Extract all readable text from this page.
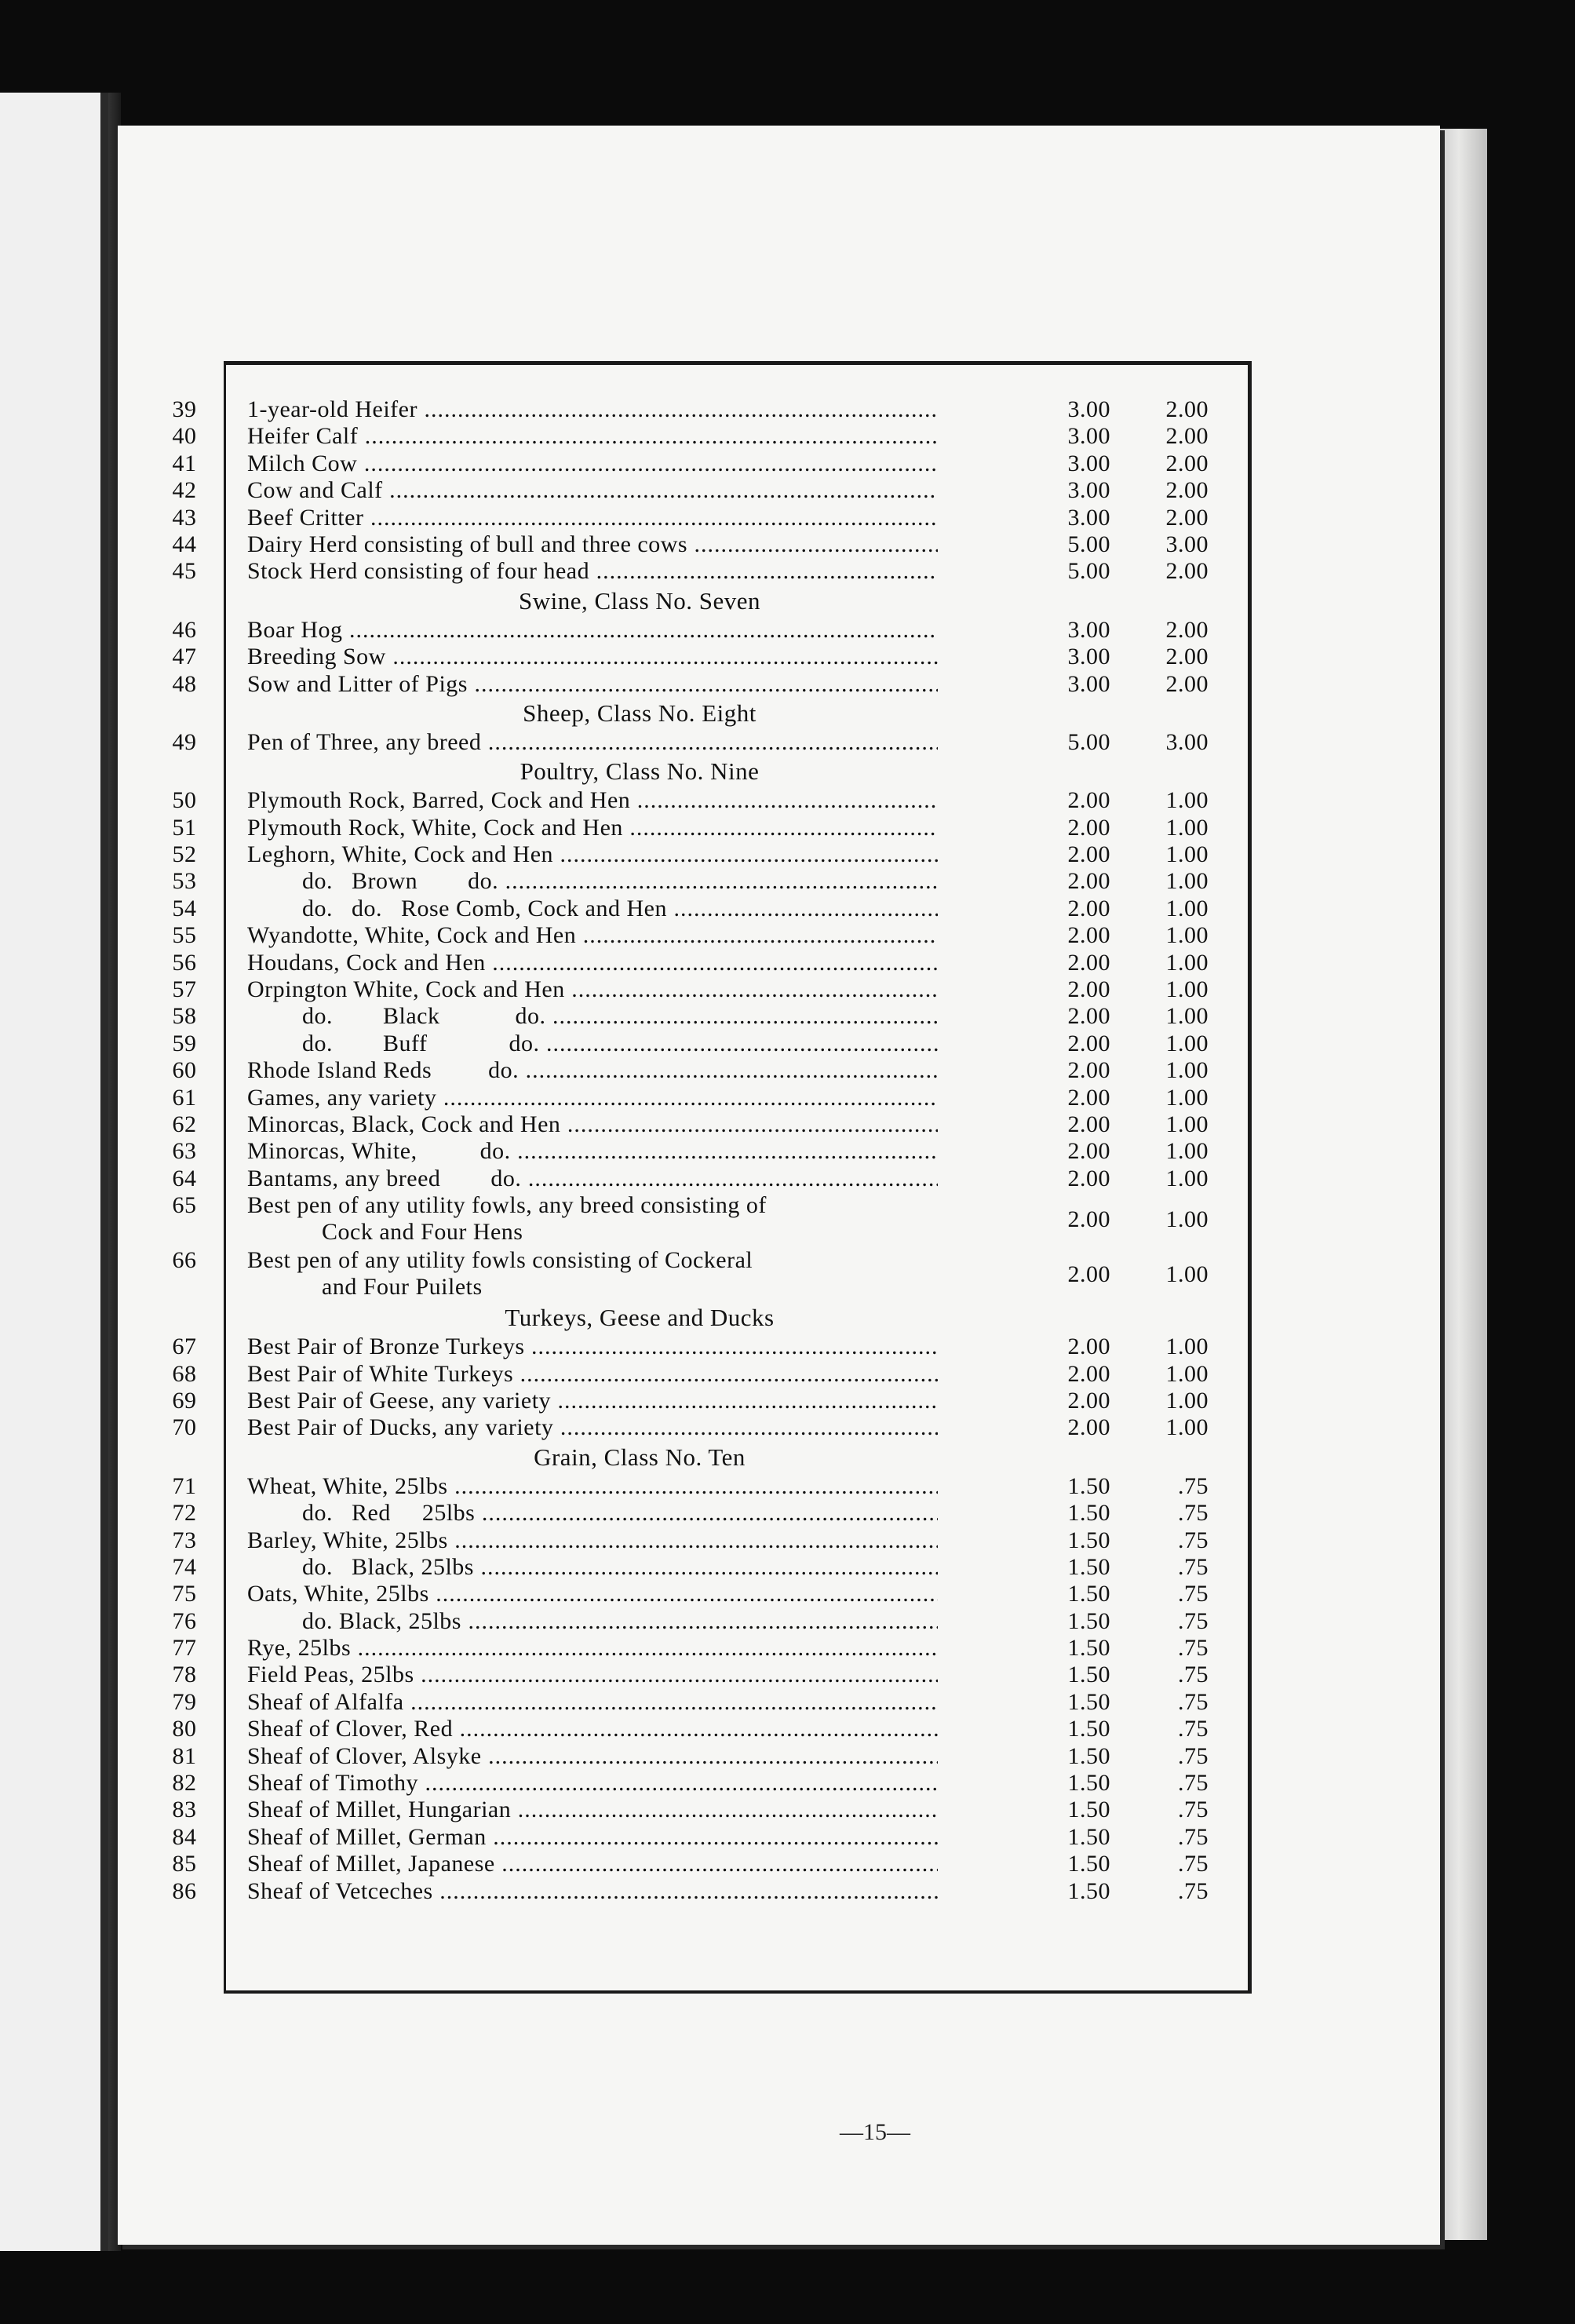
—15—
39	1-year-old Heifer .....	3.00	2.00
40	Heifer Calf .....	3.00	2.00
41	Milch Cow .....	3.00	2.00
42	Cow and Calf .....	3.00	2.00
43	Beef Critter .....	3.00	2.00
44	Dairy Herd consisting of bull and three cows .....	5.00	3.00
45	Stock Herd consisting of four head .....	5.00	2.00
Swine, Class No. Seven
46	Boar Hog .....	3.00	2.00
47	Breeding Sow .....	3.00	2.00
48	Sow and Litter of Pigs .....	3.00	2.00
Sheep, Class No. Eight
49	Pen of Three, any breed .....	5.00	3.00
Poultry, Class No. Nine
50	Plymouth Rock, Barred, Cock and Hen .....	2.00	1.00
51	Plymouth Rock, White, Cock and Hen .....	2.00	1.00
52	Leghorn, White, Cock and Hen .....	2.00	1.00
53	do.   Brown        do. .....	2.00	1.00
54	do.   do.   Rose Comb, Cock and Hen .....	2.00	1.00
55	Wyandotte, White, Cock and Hen .....	2.00	1.00
56	Houdans, Cock and Hen .....	2.00	1.00
57	Orpington White, Cock and Hen .....	2.00	1.00
58	do.        Black            do. .....	2.00	1.00
59	do.        Buff             do. .....	2.00	1.00
60	Rhode Island Reds         do. .....	2.00	1.00
61	Games, any variety .....	2.00	1.00
62	Minorcas, Black, Cock and Hen .....	2.00	1.00
63	Minorcas, White,          do. .....	2.00	1.00
64	Bantams, any breed        do. .....	2.00	1.00
65	Best pen of any utility fowls, any breed consisting of
Cock and Four Hens	2.00	1.00
66	Best pen of any utility fowls consisting of Cockeral
and Four Puilets	2.00	1.00
Turkeys, Geese and Ducks
67	Best Pair of Bronze Turkeys .....	2.00	1.00
68	Best Pair of White Turkeys .....	2.00	1.00
69	Best Pair of Geese, any variety .....	2.00	1.00
70	Best Pair of Ducks, any variety .....	2.00	1.00
Grain, Class No. Ten
71	Wheat, White, 25lbs .....	1.50	.75
72	do.   Red     25lbs .....	1.50	.75
73	Barley, White, 25lbs .....	1.50	.75
74	do.   Black, 25lbs .....	1.50	.75
75	Oats, White, 25lbs .....	1.50	.75
76	do. Black, 25lbs .....	1.50	.75
77	Rye, 25lbs .....	1.50	.75
78	Field Peas, 25lbs .....	1.50	.75
79	Sheaf of Alfalfa .....	1.50	.75
80	Sheaf of Clover, Red .....	1.50	.75
81	Sheaf of Clover, Alsyke .....	1.50	.75
82	Sheaf of Timothy .....	1.50	.75
83	Sheaf of Millet, Hungarian .....	1.50	.75
84	Sheaf of Millet, German .....	1.50	.75
85	Sheaf of Millet, Japanese .....	1.50	.75
86	Sheaf of Vetceches .....	1.50	.75
